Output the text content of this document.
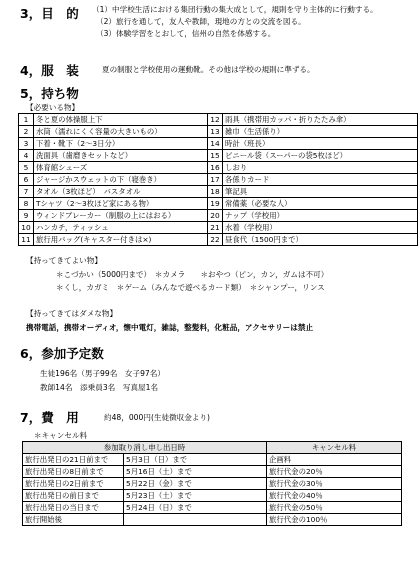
3，目　的 （1）中学校生活における集団行動の集大成として，規則を守り主体的に行動する。
（2）旅行を通して，友人や教師，現地の方との交流を図る。
（3）体験学習をとおして，信州の自然を体感する。
4，服　装	夏の制服と学校使用の運動靴。その他は学校の規則に準ずる。
5，持ち物
【必要いる物】
1	冬と夏の体操服上下	12	雨具（携帯用カッパ・折りたたみ傘）
2	水筒（濡れにくく容量の大きいもの）	13	雑巾（生活係り）
3	下着・靴下（2〜3日分）	14	時計（班長）
4	洗面具（歯磨きセットなど）	15	ビニール袋（スーパーの袋5枚ほど）
5	体育館シューズ	16	しおり
6	ジャージかスウェットの下（寝巻き）	17	各係りカード
7	タオル（3枚ほど）　バスタオル	18	筆記具
8	Tシャツ（2〜3枚ほど家にある物）	19	常備薬（必要な人）
9	ウィンドブレーカー（制服の上にはおる）	20	ナップ（学校用）
10	ハンカチ，ティッシュ	21	水着（学校用）
11	旅行用バッグ(キャスター付きは×)	22	昼食代（1500円まで）
【持ってきてよい物】
＊こづかい（5000円まで）　＊カメラ　　＊おやつ（ピン，カン，ガムは不可）
＊くし，カガミ　＊ゲーム（みんなで遊べるカード類）　＊シャンプー，リンス
【持ってきてはダメな物】
携帯電話，携帯オーディオ，懐中電灯，雑誌，整髪料，化粧品，アクセサリーは禁止
6，参加予定数
生徒196名（男子99名　女子97名）
教師14名　添乗員3名　写真屋1名
7，費　用	約48，000円(生徒徴収金より)
＊キャンセル料
参加取り消し申し出日時		キャンセル料
旅行出発日の21日前まで	5月3日（日）まで	企画料
旅行出発日の8日前まで	5月16日（土）まで	旅行代金の20％
旅行出発日の2日前まで	5月22日（金）まで	旅行代金の30％
旅行出発日の前日まで	5月23日（土）まで	旅行代金の40％
旅行出発日の当日まで	5月24日（日）まで	旅行代金の50％
旅行開始後		旅行代金の100％
